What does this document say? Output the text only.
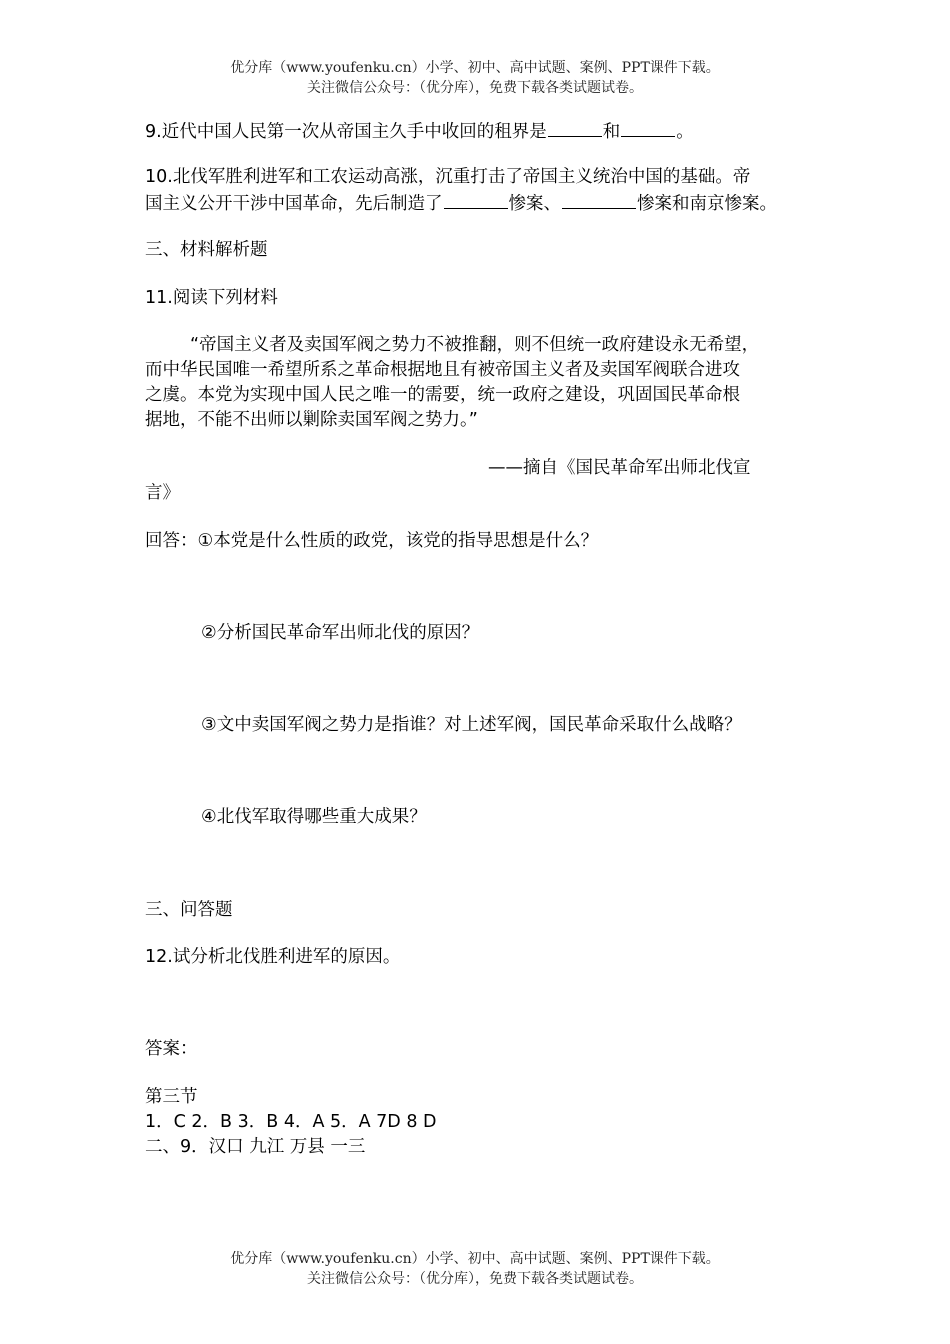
优分库（www.youfenku.cn）小学、初中、高中试题、案例、PPT课件下载。
关注微信公众号：（优分库），免费下载各类试题试卷。
9.近代中国人民第一次从帝国主久手中收回的租界是	和	。
10.北伐军胜利进军和工农运动高涨，沉重打击了帝国主义统治中国的基础。帝
国主义公开干涉中国革命，先后制造了	惨案、	惨案和南京惨案。
三、材料解析题
11.阅读下列材料
“帝国主义者及卖国军阀之势力不被推翻，则不但统一政府建设永无希望，
而中华民国唯一希望所系之革命根据地且有被帝国主义者及卖国军阀联合进攻
之虞。本党为实现中国人民之唯一的需要，统一政府之建设，巩固国民革命根
据地，不能不出师以剿除卖国军阀之势力。”
——摘自《国民革命军出师北伐宣
言》
回答：①本党是什么性质的政党，该党的指导思想是什么？
②分析国民革命军出师北伐的原因？
③文中卖国军阀之势力是指谁？对上述军阀，国民革命采取什么战略？
④北伐军取得哪些重大成果？
三、问答题
12.试分析北伐胜利进军的原因。
答案：
第三节
1．C 2．B 3．B 4．A 5．A 7D 8 D
二、9．汉口 九江 万县 一三
优分库（www.youfenku.cn）小学、初中、高中试题、案例、PPT课件下载。
关注微信公众号：（优分库），免费下载各类试题试卷。
